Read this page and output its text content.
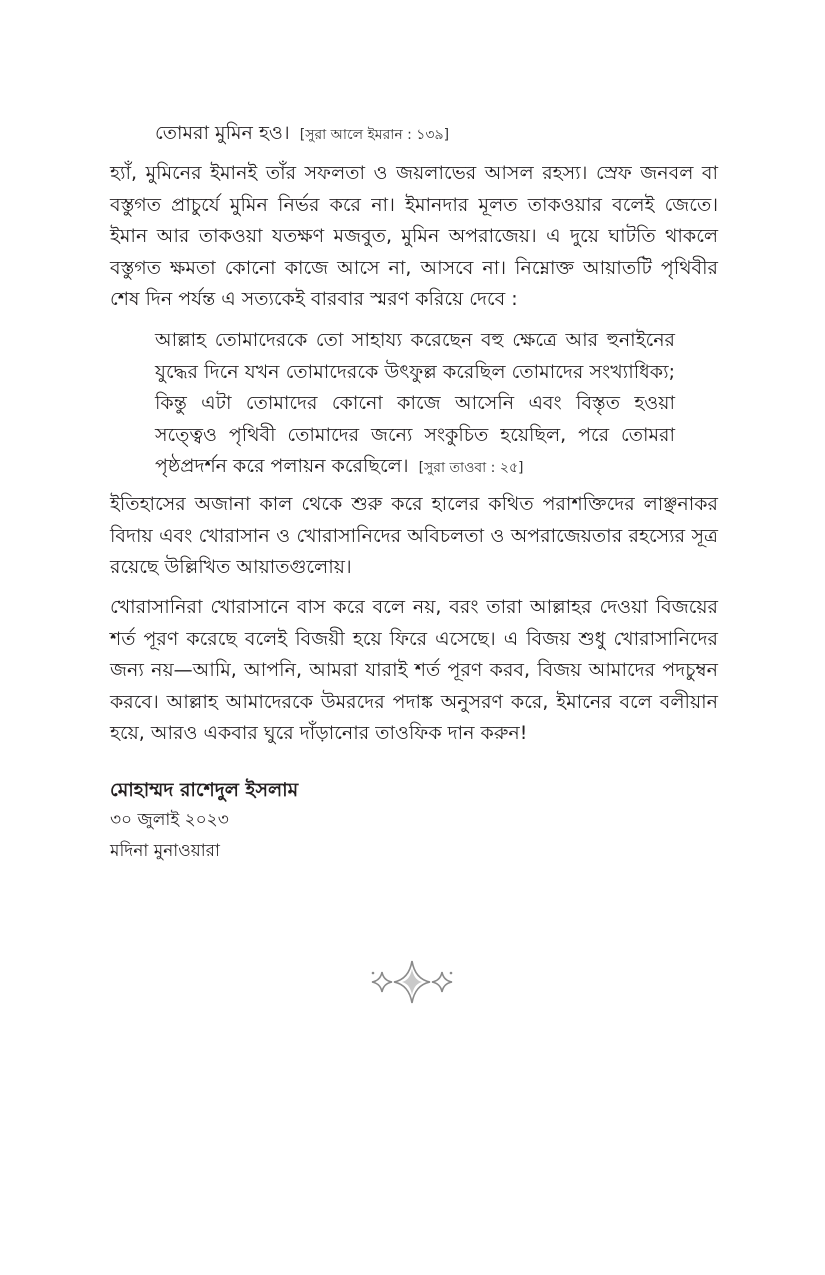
তোমরা মুমিন হও। [সুরা আলে ইমরান : ১৩৯]

হ্যাঁ, মুমিনের ইমানই তাঁর সফলতা ও জয়লাভের আসল রহস্য। স্রেফ জনবল বা বস্তুগত প্রাচুর্যে মুমিন নির্ভর করে না। ইমানদার মূলত তাকওয়ার বলেই জেতে। ইমান আর তাকওয়া যতক্ষণ মজবুত, মুমিন অপরাজেয়। এ দুয়ে ঘাটতি থাকলে বস্তুগত ক্ষমতা কোনো কাজে আসে না, আসবে না। নিম্নোক্ত আয়াতটি পৃথিবীর শেষ দিন পর্যন্ত এ সত্যকেই বারবার স্মরণ করিয়ে দেবে :

আল্লাহ তোমাদেরকে তো সাহায্য করেছেন বহু ক্ষেত্রে আর হুনাইনের যুদ্ধের দিনে যখন তোমাদেরকে উৎফুল্ল করেছিল তোমাদের সংখ্যাধিক্য; কিন্তু এটা তোমাদের কোনো কাজে আসেনি এবং বিস্তৃত হওয়া সত্ত্বেও পৃথিবী তোমাদের জন্যে সংকুচিত হয়েছিল, পরে তোমরা পৃষ্ঠপ্রদর্শন করে পলায়ন করেছিলে। [সুরা তাওবা : ২৫]

ইতিহাসের অজানা কাল থেকে শুরু করে হালের কথিত পরাশক্তিদের লাঞ্ছনাকর বিদায় এবং খোরাসান ও খোরাসানিদের অবিচলতা ও অপরাজেয়তার রহস্যের সূত্র রয়েছে উল্লিখিত আয়াতগুলোয়।

খোরাসানিরা খোরাসানে বাস করে বলে নয়, বরং তারা আল্লাহর দেওয়া বিজয়ের শর্ত পূরণ করেছে বলেই বিজয়ী হয়ে ফিরে এসেছে। এ বিজয় শুধু খোরাসানিদের জন্য নয়—আমি, আপনি, আমরা যারাই শর্ত পূরণ করব, বিজয় আমাদের পদচুম্বন করবে। আল্লাহ আমাদেরকে উমরদের পদাঙ্ক অনুসরণ করে, ইমানের বলে বলীয়ান হয়ে, আরও একবার ঘুরে দাঁড়ানোর তাওফিক দান করুন!

মোহাম্মদ রাশেদুল ইসলাম

৩০ জুলাই ২০২৩

মদিনা মুনাওয়ারা
